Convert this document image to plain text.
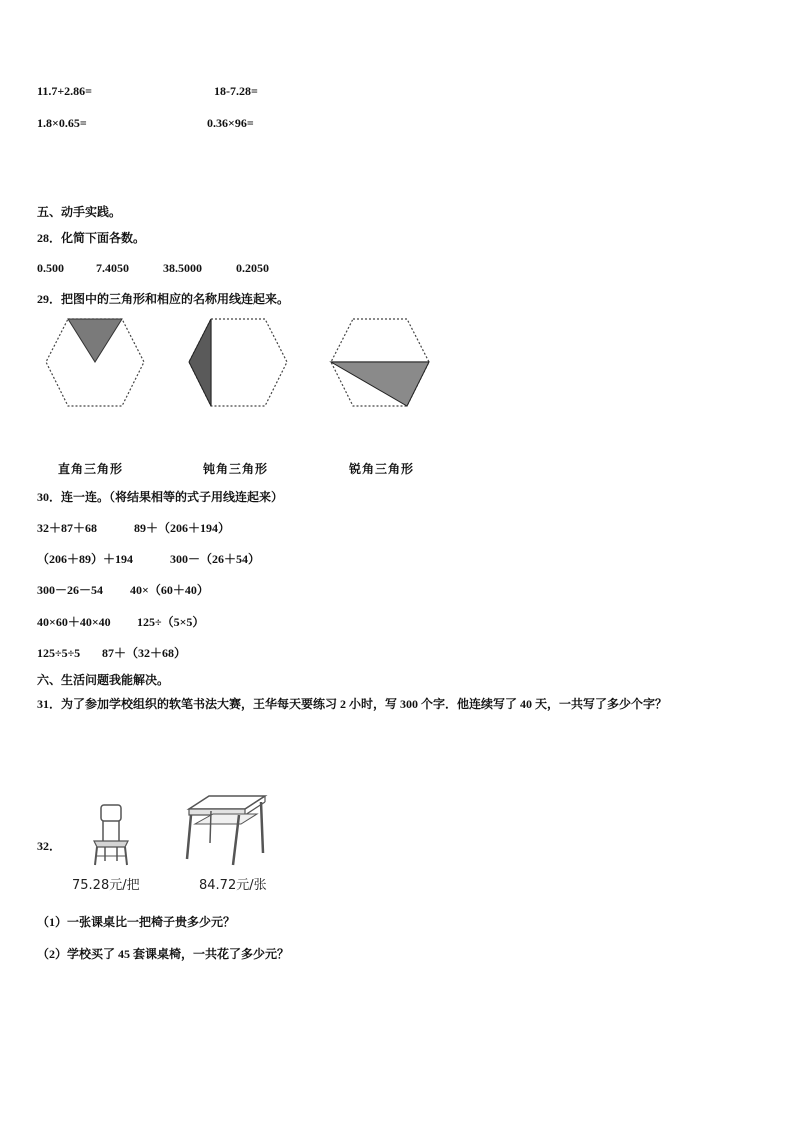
11.7+2.86=	18-7.28=
1.8×0.65=	0.36×96=
五、动手实践。
28．化简下面各数。
0.500	7.4050	38.5000	0.2050
29．把图中的三角形和相应的名称用线连起来。
直角三角形	钝角三角形	锐角三角形
30．连一连。（将结果相等的式子用线连起来）
32＋87＋68	89＋（206＋194）
（206＋89）＋194	300－（26＋54）
300－26－54 40×（60＋40）
40×60＋40×40 125÷（5×5）
125÷5÷5 87＋（32＋68）
六、生活问题我能解决。
31．为了参加学校组织的软笔书法大赛，王华每天要练习 2 小时，写 300 个字．他连续写了 40 天，一共写了多少个字？
32．
75.28元/把	84.72元/张
（1）一张课桌比一把椅子贵多少元？
（2）学校买了 45 套课桌椅，一共花了多少元？
